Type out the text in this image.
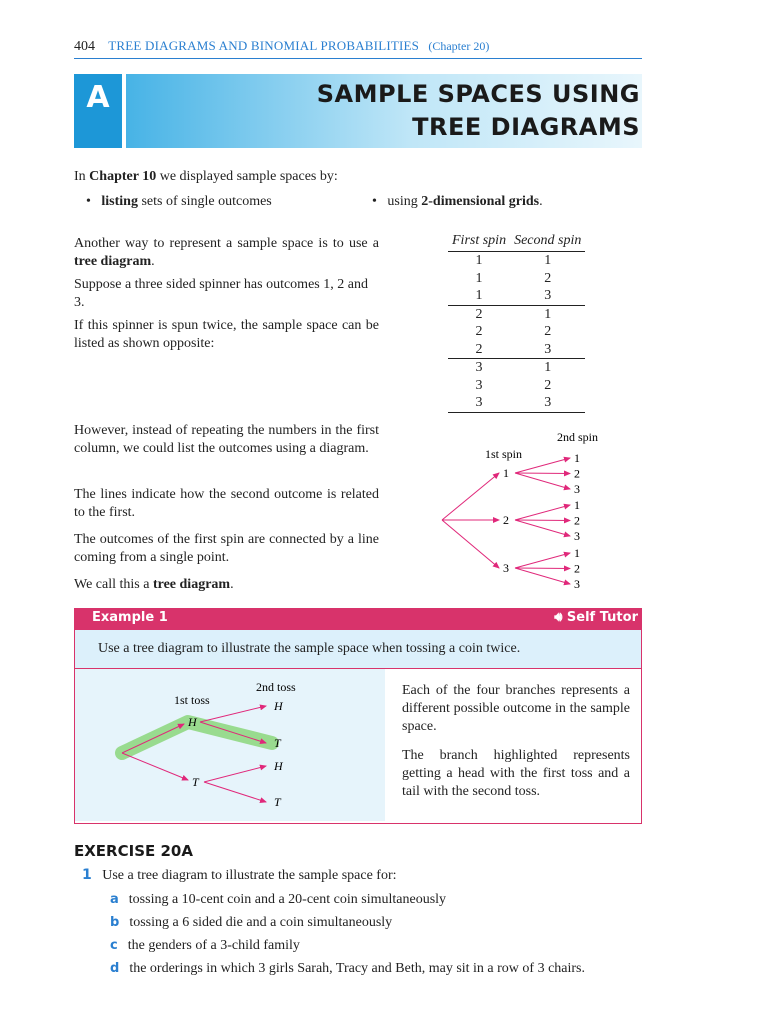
404 TREE DIAGRAMS AND BINOMIAL PROBABILITIES (Chapter 20)
A	SAMPLE SPACES USING
TREE DIAGRAMS
In Chapter 10 we displayed sample spaces by:
• listing sets of single outcomes	• using 2-dimensional grids.
Another way to represent a sample space is to use a tree diagram.
Suppose a three sided spinner has outcomes 1, 2 and 3.
If this spinner is spun twice, the sample space can be listed as shown opposite:
First spin	Second spin
1	1
1	2
1	3
2	1
2	2
2	3
3	1
3	2
3	3
However, instead of repeating the numbers in the first column, we could list the outcomes using a diagram.
The lines indicate how the second outcome is related to the first.
The outcomes of the first spin are connected by a line coming from a single point.
We call this a tree diagram.
2nd spin
1st spin
1
1
2
3
2
1
2
3
3
1
2
3
Example 1	🔊︎ Self Tutor
Use a tree diagram to illustrate the sample space when tossing a coin twice.
2nd toss
1st toss
H
H
T
T
H
T
Each of the four branches represents a different possible outcome in the sample space.
The branch highlighted represents getting a head with the first toss and a tail with the second toss.
EXERCISE 20A
1 Use a tree diagram to illustrate the sample space for:
a tossing a 10-cent coin and a 20-cent coin simultaneously
b tossing a 6 sided die and a coin simultaneously
c the genders of a 3-child family
d the orderings in which 3 girls Sarah, Tracy and Beth, may sit in a row of 3 chairs.
